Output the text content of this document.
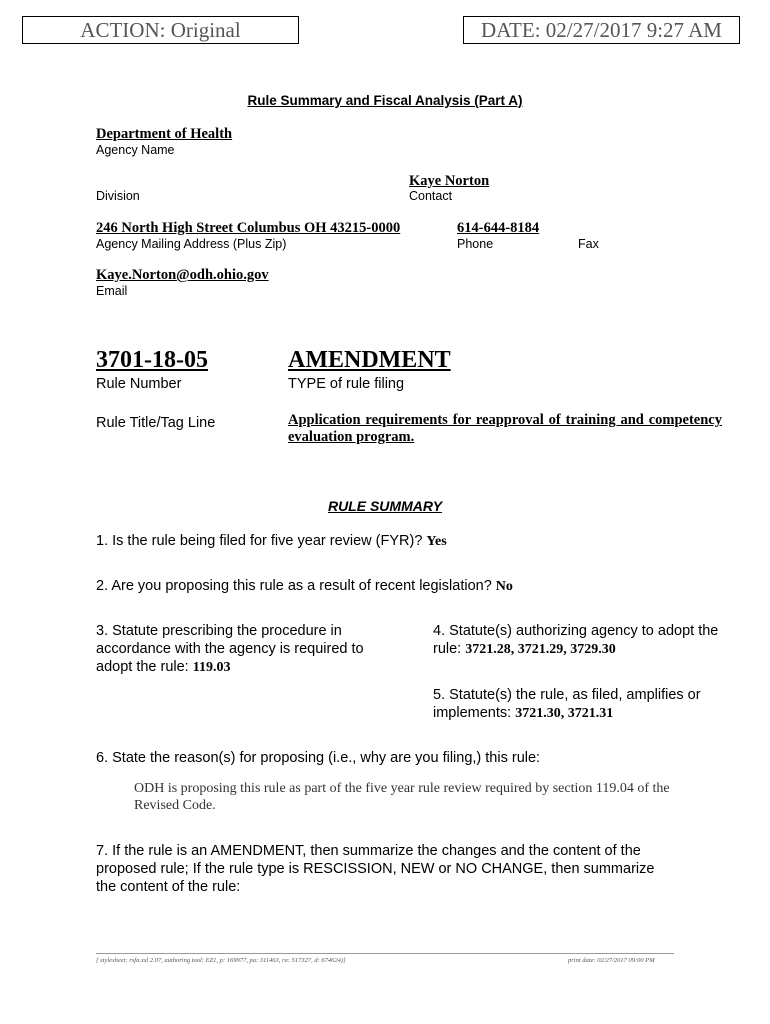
ACTION: Original	DATE: 02/27/2017 9:27 AM
Rule Summary and Fiscal Analysis (Part A)
Department of Health
Agency Name
Kaye Norton
Division	Contact
246 North High Street Columbus OH 43215-0000	614-644-8184
Agency Mailing Address (Plus Zip)	Phone	Fax
Kaye.Norton@odh.ohio.gov
Email
3701-18-05	AMENDMENT
Rule Number	TYPE of rule filing
Rule Title/Tag Line	Application requirements for reapproval of training and competency evaluation program.
RULE SUMMARY
1. Is the rule being filed for five year review (FYR)? Yes
2. Are you proposing this rule as a result of recent legislation? No
3. Statute prescribing the procedure in accordance with the agency is required to adopt the rule: 119.03
4. Statute(s) authorizing agency to adopt the rule: 3721.28, 3721.29, 3729.30
5. Statute(s) the rule, as filed, amplifies or implements: 3721.30, 3721.31
6. State the reason(s) for proposing (i.e., why are you filing,) this rule:
ODH is proposing this rule as part of the five year rule review required by section 119.04 of the Revised Code.
7. If the rule is an AMENDMENT, then summarize the changes and the content of the proposed rule; If the rule type is RESCISSION, NEW or NO CHANGE, then summarize the content of the rule:
[ stylesheet: rsfa.xsl 2.07, authoring tool: EZ1, p: 169977, pa: 311463, ra: 517327, d: 674624)]	print date: 02/27/2017 09:00 PM
